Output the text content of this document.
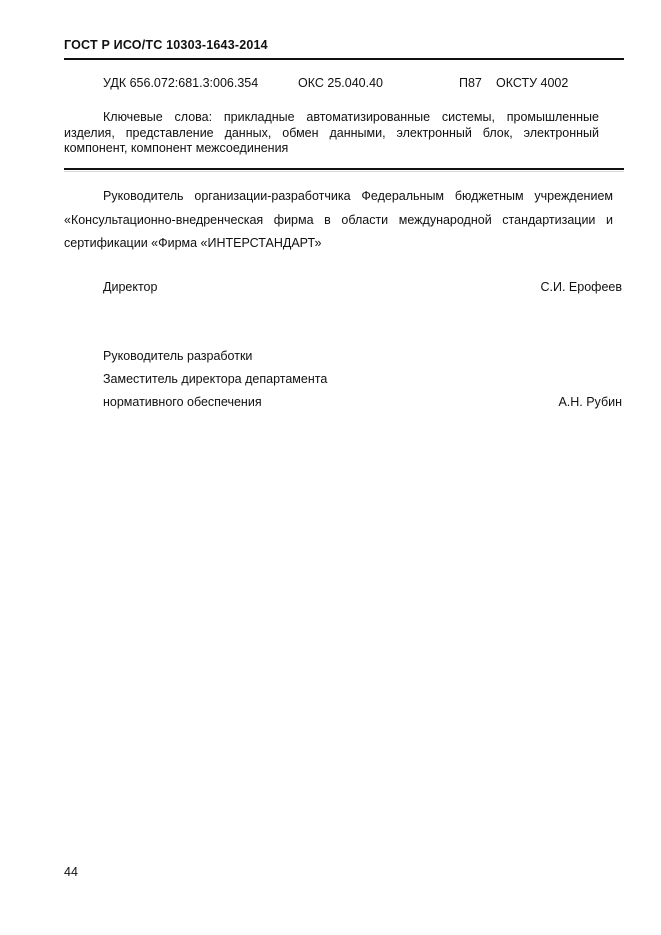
ГОСТ Р ИСО/ТС 10303-1643-2014
УДК 656.072:681.3:006.354	ОКС 25.040.40	П87 ОКСТУ 4002

Ключевые слова: прикладные автоматизированные системы, промышленные изделия, представление данных, обмен данными, электронный блок, электронный компонент, компонент межсоединения

Руководитель организации-разработчика Федеральным бюджетным учреждением «Консультационно-внедренческая фирма в области международной стандартизации и сертификации «Фирма «ИНТЕРСТАНДАРТ»

Директор	С.И. Ерофеев
Руководитель разработки
Заместитель директора департамента
нормативного обеспечения	А.Н. Рубин
44
